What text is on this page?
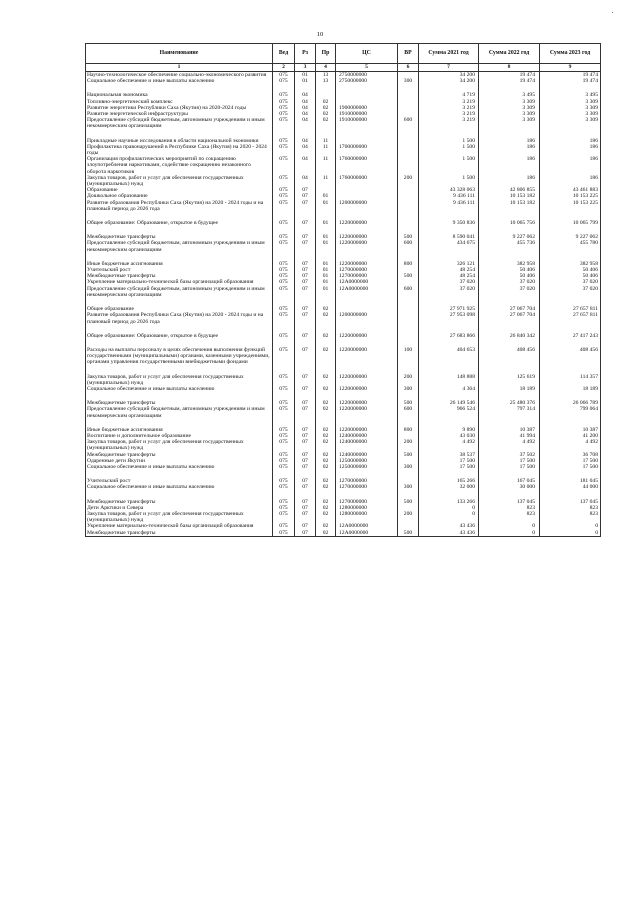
10
Наименование	Вед	Рз	Пр	ЦС	ВР	Сумма 2021 год	Сумма 2022 год	Сумма 2023 год
1	2	3	4	5	6	7	8	9
Научно-технологическое обеспечение социально-экономического развития	075	01	13	2750000000		34 200	19 474	19 474
Социальное обеспечение и иные выплаты населению	075	01	13	2750000000	300	34 200	19 474	19 474

Национальная экономика	075	04				4 719	3 495	3 495
Топливно-энергетический комплекс	075	04	02			3 219	3 309	3 309
Развитие энергетики Республики Саха (Якутия) на 2020-2024 годы	075	04	02	1900000000		3 219	3 309	3 309
Развитие энергетической инфраструктуры	075	04	02	1910000000		3 219	3 309	3 309
Предоставление субсидий бюджетным, автономным учреждениям и иным некоммерческим организациям	075	04	02	1910000000	600	3 219	3 309	3 309

Прикладные научные исследования в области национальной экономики	075	04	11			1 500	186	186
Профилактика правонарушений в Республике Саха (Якутия) на 2020 - 2024 годы	075	04	11	1700000000		1 500	186	186
Организация профилактических мероприятий по сокращению злоупотребления наркотиками, содействие сокращению незаконного оборота наркотиков	075	04	11	1760000000		1 500	186	186
Закупка товаров, работ и услуг для обеспечения государственных (муниципальных) нужд	075	04	11	1760000000	200	1 500	186	186
Образование	075	07				43 328 063	42 806 855	43 461 883
Дошкольное образование	075	07	01			9 436 111	10 153 182	10 153 225
Развитие образования Республики Саха (Якутия) на 2020 - 2024 годы и на плановый период до 2026 года	075	07	01	1200000000		9 436 111	10 153 182	10 153 225

Общее образование: Образование, открытое в будущее	075	07	01	1220000000		9 350 836	10 065 756	10 065 799

Межбюджетные трансферты	075	07	01	1220000000	500	8 590 041	9 227 062	9 227 062
Предоставление субсидий бюджетным, автономным учреждениям и иным некоммерческим организациям	075	07	01	1220000000	600	434 675	455 736	455 780

Иные бюджетные ассигнования	075	07	01	1220000000	800	326 121	382 958	382 958
Учительский рост	075	07	01	1270000000		48 254	50 406	50 406
Межбюджетные трансферты	075	07	01	1270000000	500	48 254	50 406	50 406
Укрепление материально-технической базы организаций образования	075	07	01	12А0000000		37 020	37 020	37 020
Предоставление субсидий бюджетным, автономным учреждениям и иным некоммерческим организациям	075	07	01	12А0000000	600	37 020	37 020	37 020

Общее образование	075	07	02			27 971 925	27 067 704	27 657 811
Развитие образования Республики Саха (Якутия) на 2020 - 2024 годы и на плановый период до 2026 года	075	07	02	1200000000		27 953 098	27 067 704	27 657 811

Общее образование: Образование, открытое в будущее	075	07	02	1220000000		27 683 866	26 840 342	27 417 243

Расходы на выплаты персоналу в целях обеспечения выполнения функций государственными (муниципальными) органами, казенными учреждениями, органами управления государственными внебюджетными фондами	075	07	02	1220000000	100	404 653	408 456	408 456

Закупка товаров, работ и услуг для обеспечения государственных (муниципальных) нужд	075	07	02	1220000000	200	148 888	125 619	114 357
Социальное обеспечение и иные выплаты населению	075	07	02	1220000000	300	4 364	18 189	18 189

Межбюджетные трансферты	075	07	02	1220000000	500	26 149 546	25 480 376	26 066 789
Предоставление субсидий бюджетным, автономным учреждениям и иным некоммерческим организациям	075	07	02	1220000000	600	966 524	797 314	799 064

Иные бюджетные ассигнования	075	07	02	1220000000	800	9 890	10 387	10 387
Воспитание и дополнительное образование	075	07	02	1240000000		43 030	41 994	41 200
Закупка товаров, работ и услуг для обеспечения государственных (муниципальных) нужд	075	07	02	1240000000	200	4 492	4 492	4 492
Межбюджетные трансферты	075	07	02	1240000000	500	38 537	37 502	36 708
Одаренные дети Якутии	075	07	02	1250000000		17 500	17 500	17 500
Социальное обеспечение и иные выплаты населению	075	07	02	1250000000	300	17 500	17 500	17 500

Учительский рост	075	07	02	1270000000		165 266	167 045	181 045
Социальное обеспечение и иные выплаты населению	075	07	02	1270000000	300	32 000	30 000	44 000

Межбюджетные трансферты	075	07	02	1270000000	500	133 266	137 045	137 045
Дети Арктики и Севера	075	07	02	1280000000		0	823	823
Закупка товаров, работ и услуг для обеспечения государственных (муниципальных) нужд	075	07	02	1280000000	200	0	823	823
Укрепление материально-технической базы организаций образования	075	07	02	12А0000000		43 436	0	0
Межбюджетные трансферты	075	07	02	12А0000000	500	43 436	0	0
